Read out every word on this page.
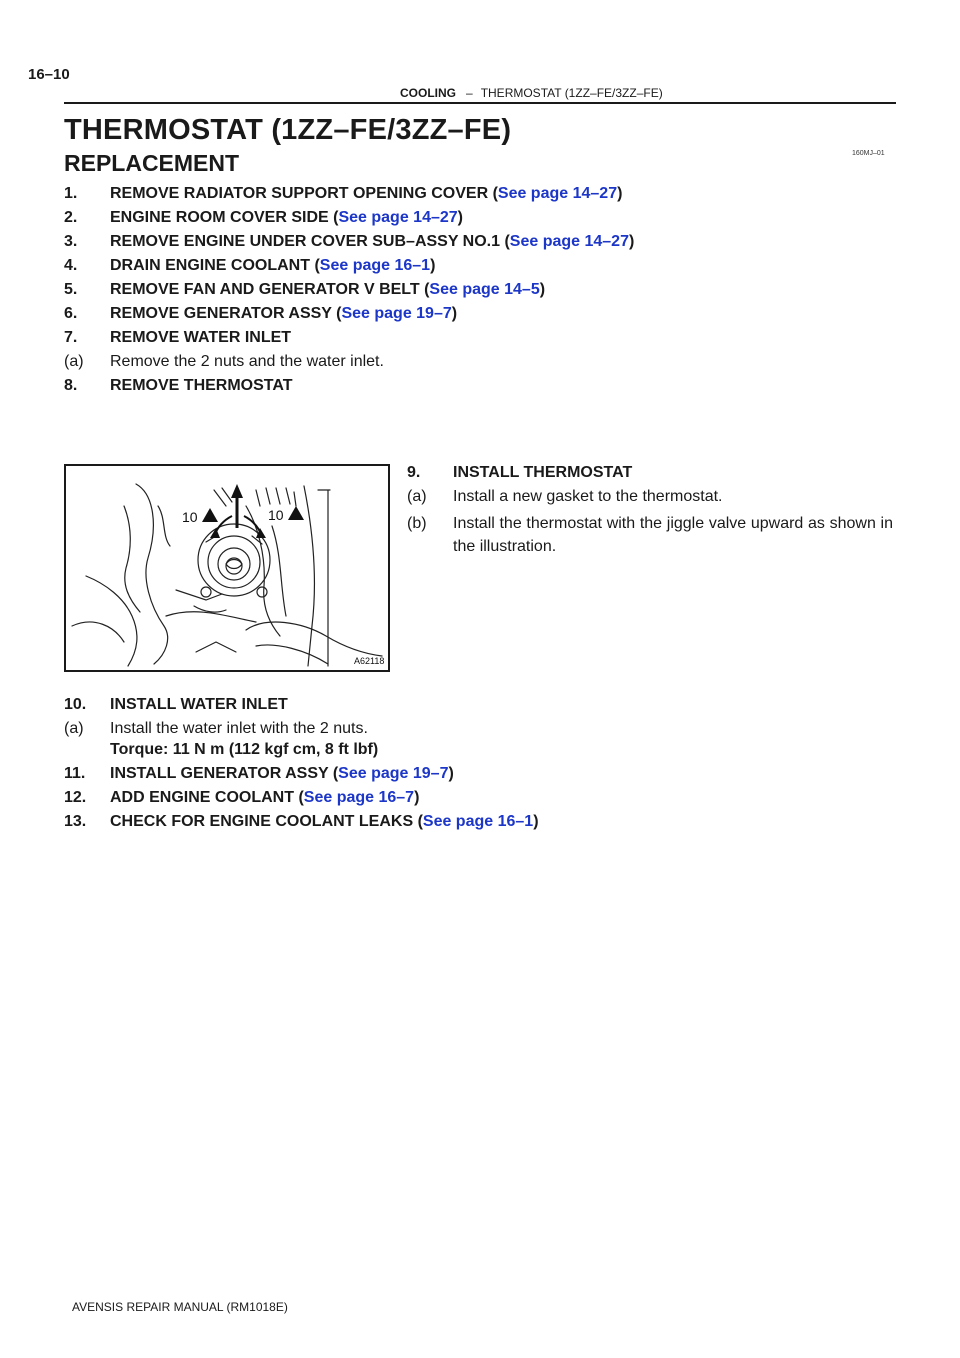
16–10
COOLING – THERMOSTAT (1ZZ–FE/3ZZ–FE)
THERMOSTAT (1ZZ–FE/3ZZ–FE)
160MJ–01
REPLACEMENT
1. REMOVE RADIATOR SUPPORT OPENING COVER (See page 14–27)
2. ENGINE ROOM COVER SIDE (See page 14–27)
3. REMOVE ENGINE UNDER COVER SUB–ASSY NO.1 (See page 14–27)
4. DRAIN ENGINE COOLANT (See page 16–1)
5. REMOVE FAN AND GENERATOR V BELT (See page 14–5)
6. REMOVE GENERATOR ASSY (See page 19–7)
7. REMOVE WATER INLET
(a) Remove the 2 nuts and the water inlet.
8. REMOVE THERMOSTAT
10	10
A62118
9. INSTALL THERMOSTAT
(a) Install a new gasket to the thermostat.
(b) Install the thermostat with the jiggle valve upward as shown in the illustration.
10. INSTALL WATER INLET
(a) Install the water inlet with the 2 nuts.
Torque: 11 N m (112 kgf cm, 8 ft lbf)
11. INSTALL GENERATOR ASSY (See page 19–7)
12. ADD ENGINE COOLANT (See page 16–7)
13. CHECK FOR ENGINE COOLANT LEAKS (See page 16–1)
AVENSIS REPAIR MANUAL (RM1018E)
